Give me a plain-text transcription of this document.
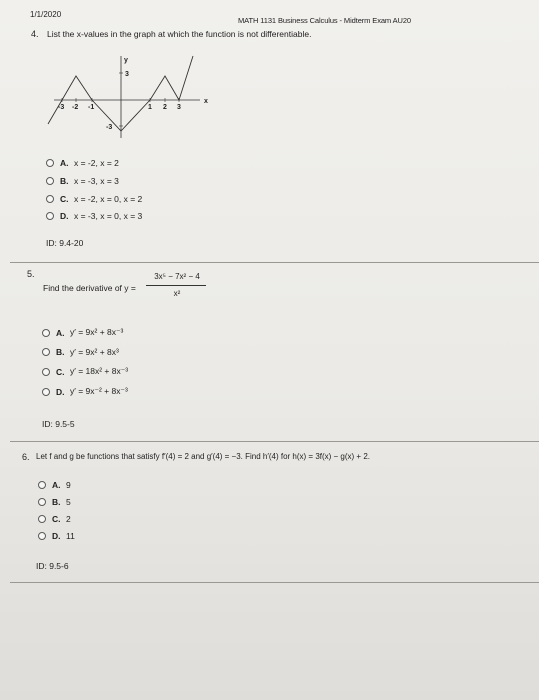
1/1/2020
MATH 1131 Business Calculus - Midterm Exam AU20
4. List the x-values in the graph at which the function is not differentiable.
y
x
-3 -2 -1	1 2 3
3
-3
A. x = -2, x = 2
B. x = -3, x = 3
C. x = -2, x = 0, x = 2
D. x = -3, x = 0, x = 3
ID: 9.4-20
5.
Find the derivative of y =
3x⁵ − 7x² − 4
x²
A. y′ = 9x² + 8x⁻³
B. y′ = 9x² + 8x³
C. y′ = 18x² + 8x⁻³
D. y′ = 9x⁻² + 8x⁻³
ID: 9.5-5
6. Let f and g be functions that satisfy f′(4) = 2 and g′(4) = −3. Find h′(4) for h(x) = 3f(x) − g(x) + 2.
A. 9
B. 5
C. 2
D. 11
ID: 9.5-6
